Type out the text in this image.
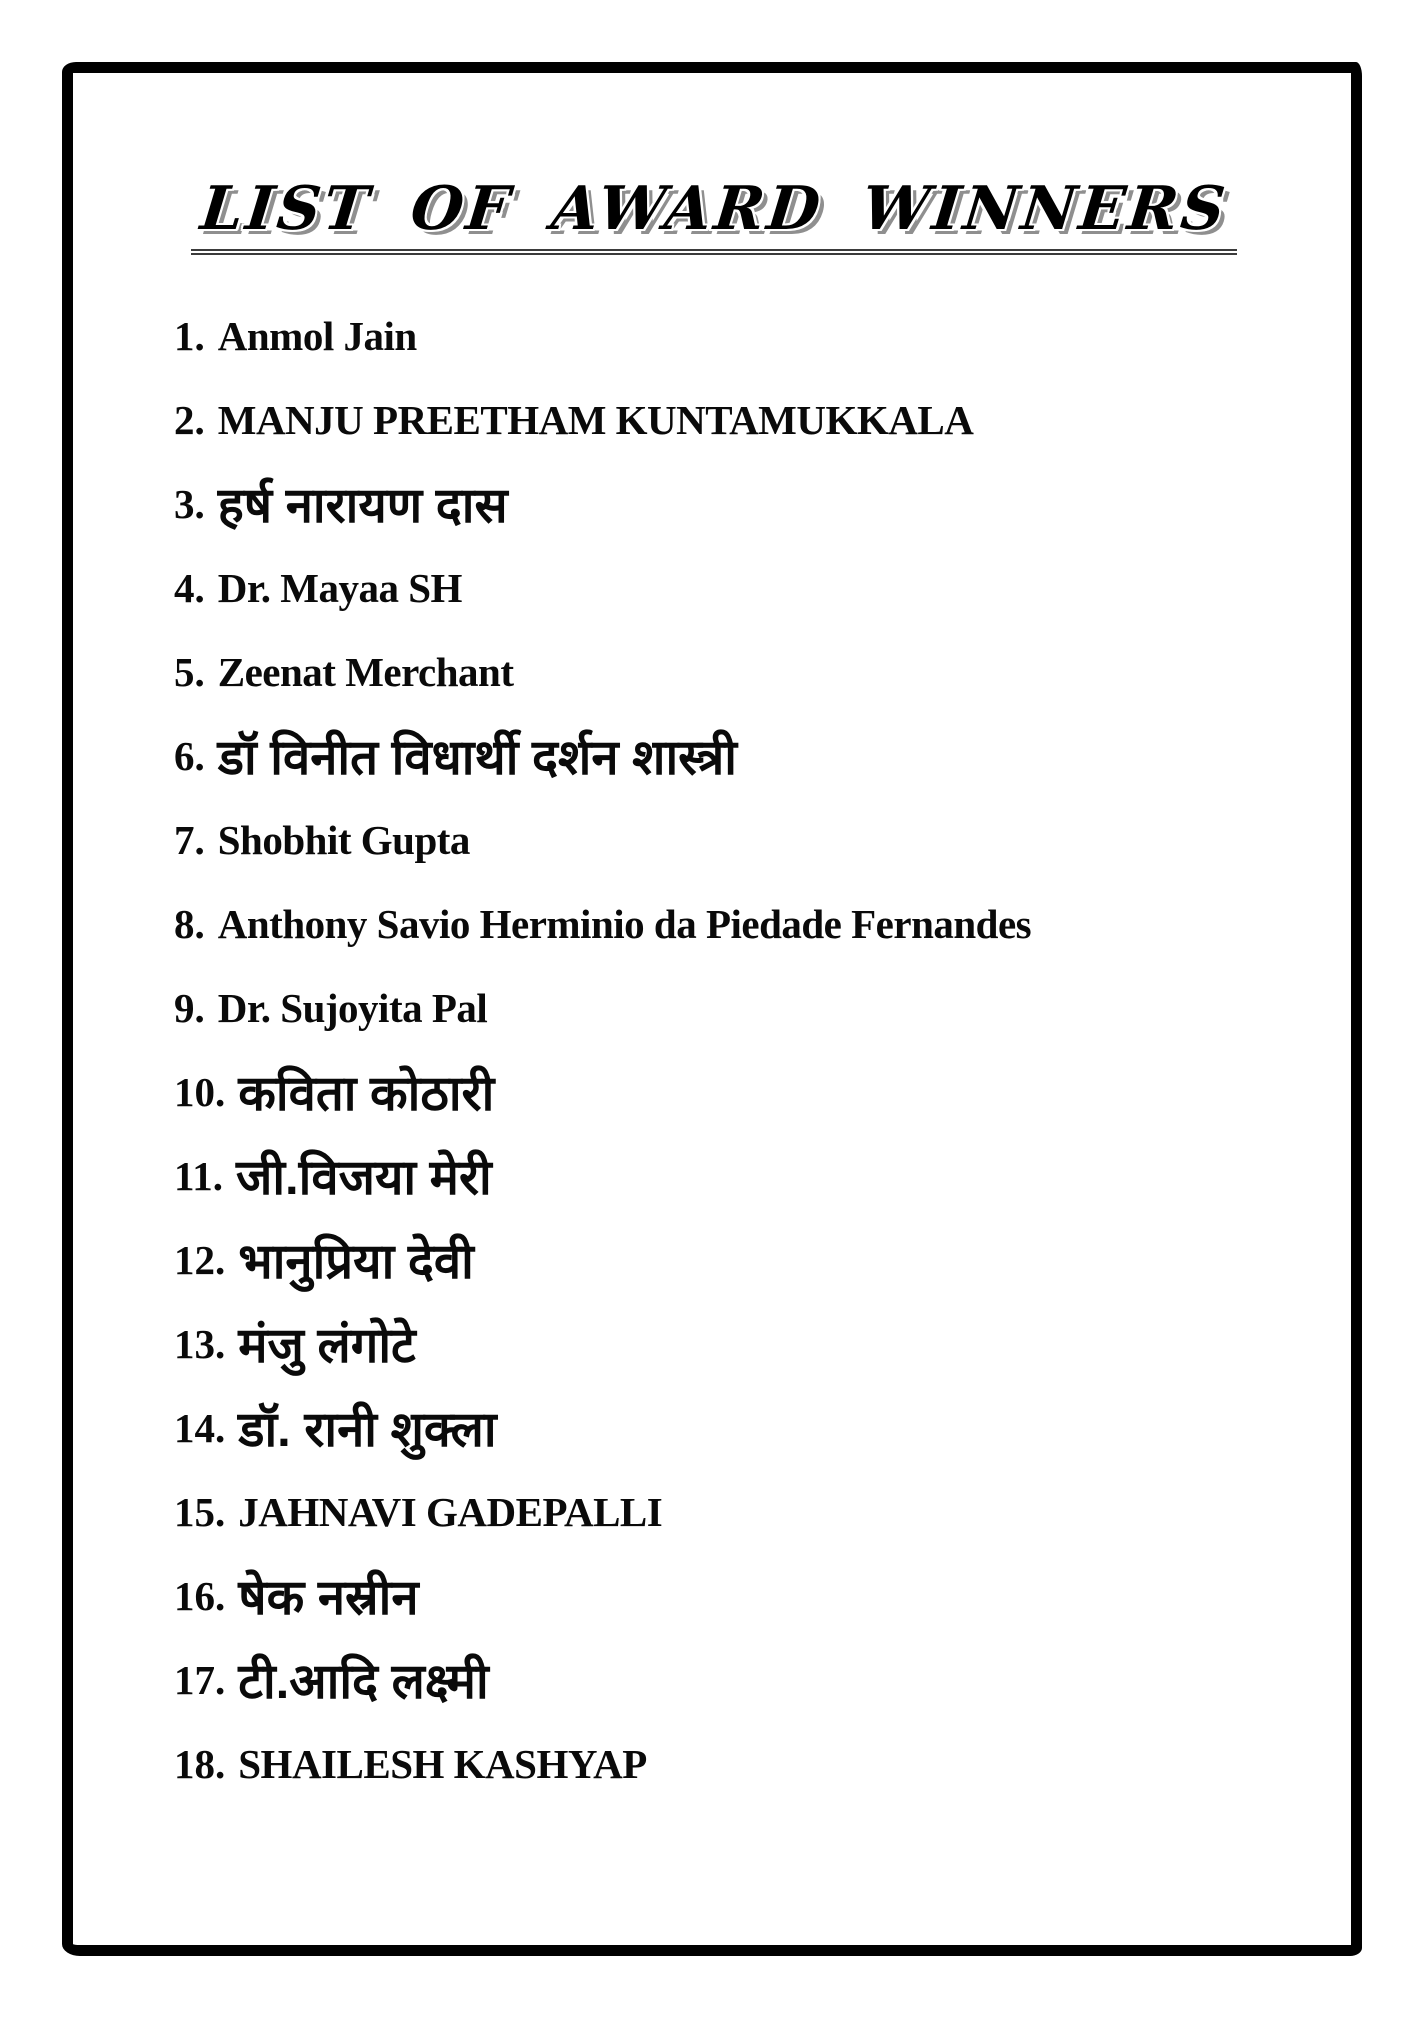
LIST OF AWARD WINNERS
1. Anmol Jain
2. MANJU PREETHAM KUNTAMUKKALA
3. हर्ष नारायण दास
4. Dr. Mayaa SH
5. Zeenat Merchant
6. डॉ विनीत विधार्थी दर्शन शास्त्री
7. Shobhit Gupta
8. Anthony Savio Herminio da Piedade Fernandes
9. Dr. Sujoyita Pal
10. कविता कोठारी
11. जी.विजया मेरी
12. भानुप्रिया देवी
13. मंजु लंगोटे
14. डॉ. रानी शुक्ला
15. JAHNAVI GADEPALLI
16. षेक नस्रीन
17. टी.आदि लक्ष्मी
18. SHAILESH KASHYAP
